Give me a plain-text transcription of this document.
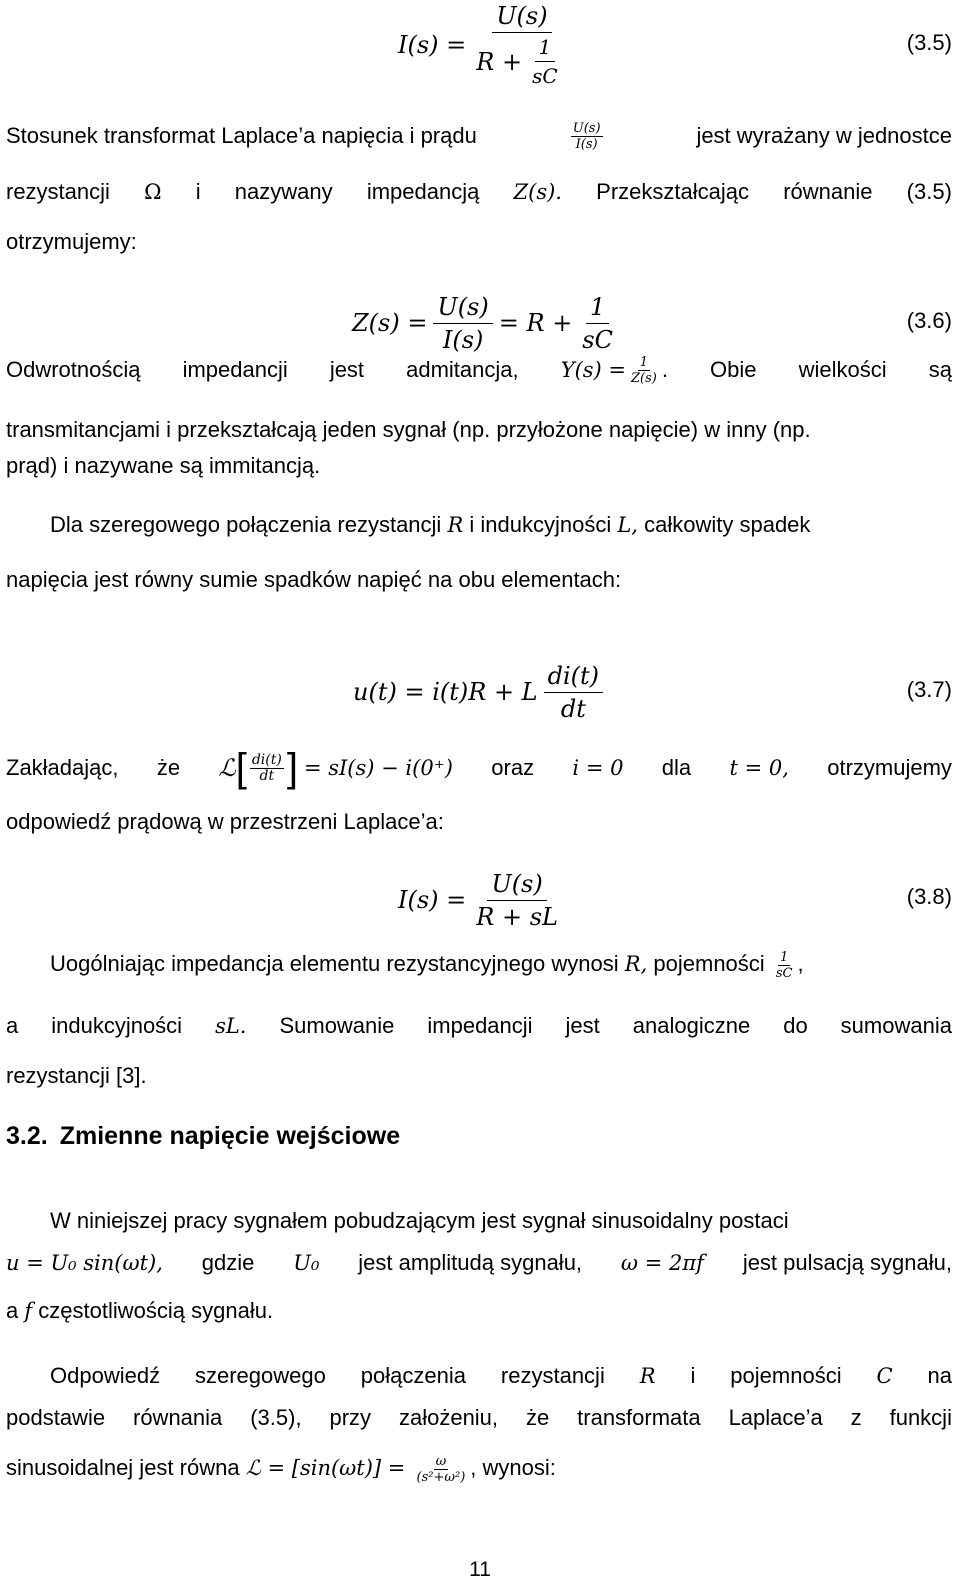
$I(s) = \frac{U(s)}{R + \frac{1}{sC}}$	(3.5)
Stosunek transformat Laplace’a napięcia i prądu	$\frac{U(s)}{I(s)}$	jest wyrażany w jednostce
rezystancji Ω i nazywany impedancją Z(s). Przekształcając równanie (3.5)
otrzymujemy:
$Z(s) = \frac{U(s)}{I(s)} = R + \frac{1}{sC}$	(3.6)
Odwrotnością impedancji jest admitancja, $Y(s) = \frac{1}{Z(s)}$ . Obie wielkości są
transmitancjami i przekształcają jeden sygnał (np. przyłożone napięcie) w inny (np.
prąd) i nazywane są immitancją.
Dla szeregowego połączenia rezystancji R i indukcyjności L, całkowity spadek
napięcia jest równy sumie spadków napięć na obu elementach:
u(t) = i(t)R + L $\frac{di(t)}{dt}$	(3.7)
Zakładając, że ℒ [ $\frac{di(t)}{dt}$ ] = sI(s) − i(0⁺) oraz i = 0 dla t = 0, otrzymujemy
odpowiedź prądową w przestrzeni Laplace’a:
$I(s) = \frac{U(s)}{R + sL}$	(3.8)
Uogólniając impedancja elementu rezystancyjnego wynosi R, pojemności $\frac{1}{sC}$ ,
a indukcyjności sL. Sumowanie impedancji jest analogiczne do sumowania
rezystancji [3].
3.2. Zmienne napięcie wejściowe
W niniejszej pracy sygnałem pobudzającym jest sygnał sinusoidalny postaci
u = U₀ sin(ωt), gdzie U₀ jest amplitudą sygnału, ω = 2πf jest pulsacją sygnału,
a f częstotliwością sygnału.
Odpowiedź szeregowego połączenia rezystancji R i pojemności C na
podstawie równania (3.5), przy założeniu, że transformata Laplace’a z funkcji
sinusoidalnej jest równa ℒ = $[\sin(\omega t)] = \frac{\omega}{\text{(s²+ω²)}}$ , wynosi:
11
